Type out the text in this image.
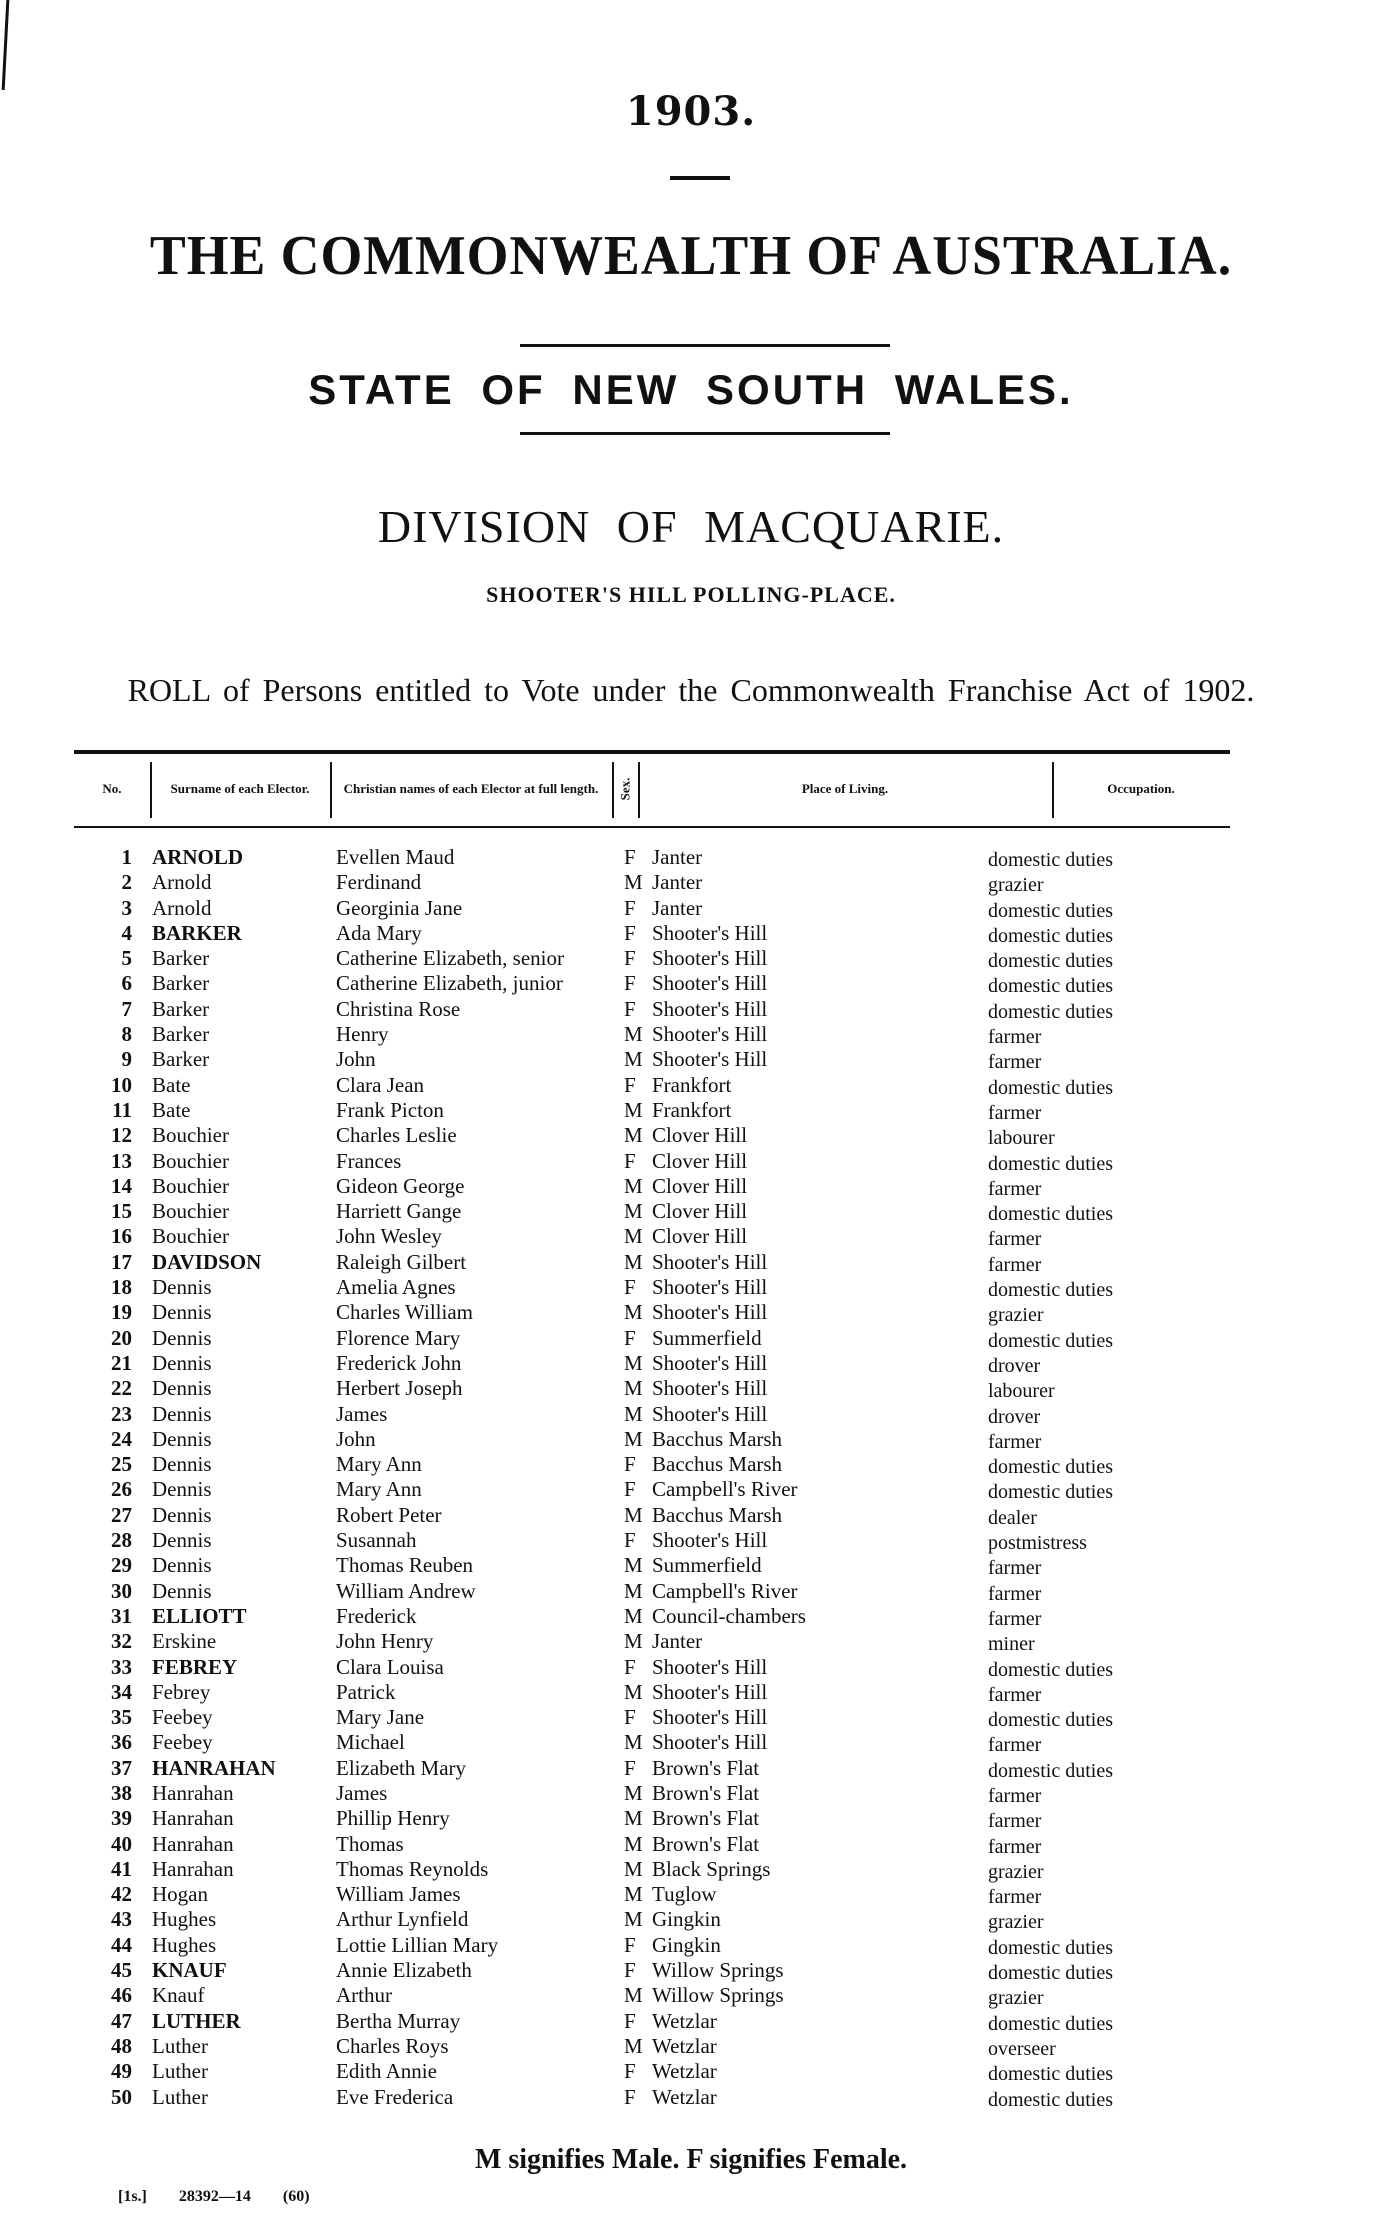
1903.
THE COMMONWEALTH OF AUSTRALIA.
STATE OF NEW SOUTH WALES.
DIVISION OF MACQUARIE.
SHOOTER'S HILL POLLING-PLACE.
ROLL of Persons entitled to Vote under the Commonwealth Franchise Act of 1902.
No.	Surname of each Elector.	Christian names of each Elector at full length.	Sex.	Place of Living.	Occupation.
1 ARNOLD	Evellen Maud	F Janter	domestic duties
2 Arnold	Ferdinand	M Janter	grazier
3 Arnold	Georginia Jane	F Janter	domestic duties
4 BARKER	Ada Mary	F Shooter's Hill	domestic duties
5 Barker	Catherine Elizabeth, senior	F Shooter's Hill	domestic duties
6 Barker	Catherine Elizabeth, junior	F Shooter's Hill	domestic duties
7 Barker	Christina Rose	F Shooter's Hill	domestic duties
8 Barker	Henry	M Shooter's Hill	farmer
9 Barker	John	M Shooter's Hill	farmer
10 Bate	Clara Jean	F Frankfort	domestic duties
11 Bate	Frank Picton	M Frankfort	farmer
12 Bouchier	Charles Leslie	M Clover Hill	labourer
13 Bouchier	Frances	F Clover Hill	domestic duties
14 Bouchier	Gideon George	M Clover Hill	farmer
15 Bouchier	Harriett Gange	M Clover Hill	domestic duties
16 Bouchier	John Wesley	M Clover Hill	farmer
17 DAVIDSON	Raleigh Gilbert	M Shooter's Hill	farmer
18 Dennis	Amelia Agnes	F Shooter's Hill	domestic duties
19 Dennis	Charles William	M Shooter's Hill	grazier
20 Dennis	Florence Mary	F Summerfield	domestic duties
21 Dennis	Frederick John	M Shooter's Hill	drover
22 Dennis	Herbert Joseph	M Shooter's Hill	labourer
23 Dennis	James	M Shooter's Hill	drover
24 Dennis	John	M Bacchus Marsh	farmer
25 Dennis	Mary Ann	F Bacchus Marsh	domestic duties
26 Dennis	Mary Ann	F Campbell's River	domestic duties
27 Dennis	Robert Peter	M Bacchus Marsh	dealer
28 Dennis	Susannah	F Shooter's Hill	postmistress
29 Dennis	Thomas Reuben	M Summerfield	farmer
30 Dennis	William Andrew	M Campbell's River	farmer
31 ELLIOTT	Frederick	M Council-chambers	farmer
32 Erskine	John Henry	M Janter	miner
33 FEBREY	Clara Louisa	F Shooter's Hill	domestic duties
34 Febrey	Patrick	M Shooter's Hill	farmer
35 Feebey	Mary Jane	F Shooter's Hill	domestic duties
36 Feebey	Michael	M Shooter's Hill	farmer
37 HANRAHAN	Elizabeth Mary	F Brown's Flat	domestic duties
38 Hanrahan	James	M Brown's Flat	farmer
39 Hanrahan	Phillip Henry	M Brown's Flat	farmer
40 Hanrahan	Thomas	M Brown's Flat	farmer
41 Hanrahan	Thomas Reynolds	M Black Springs	grazier
42 Hogan	William James	M Tuglow	farmer
43 Hughes	Arthur Lynfield	M Gingkin	grazier
44 Hughes	Lottie Lillian Mary	F Gingkin	domestic duties
45 KNAUF	Annie Elizabeth	F Willow Springs	domestic duties
46 Knauf	Arthur	M Willow Springs	grazier
47 LUTHER	Bertha Murray	F Wetzlar	domestic duties
48 Luther	Charles Roys	M Wetzlar	overseer
49 Luther	Edith Annie	F Wetzlar	domestic duties
50 Luther	Eve Frederica	F Wetzlar	domestic duties
M signifies Male. F signifies Female.
[1s.] 28392—14 (60)
